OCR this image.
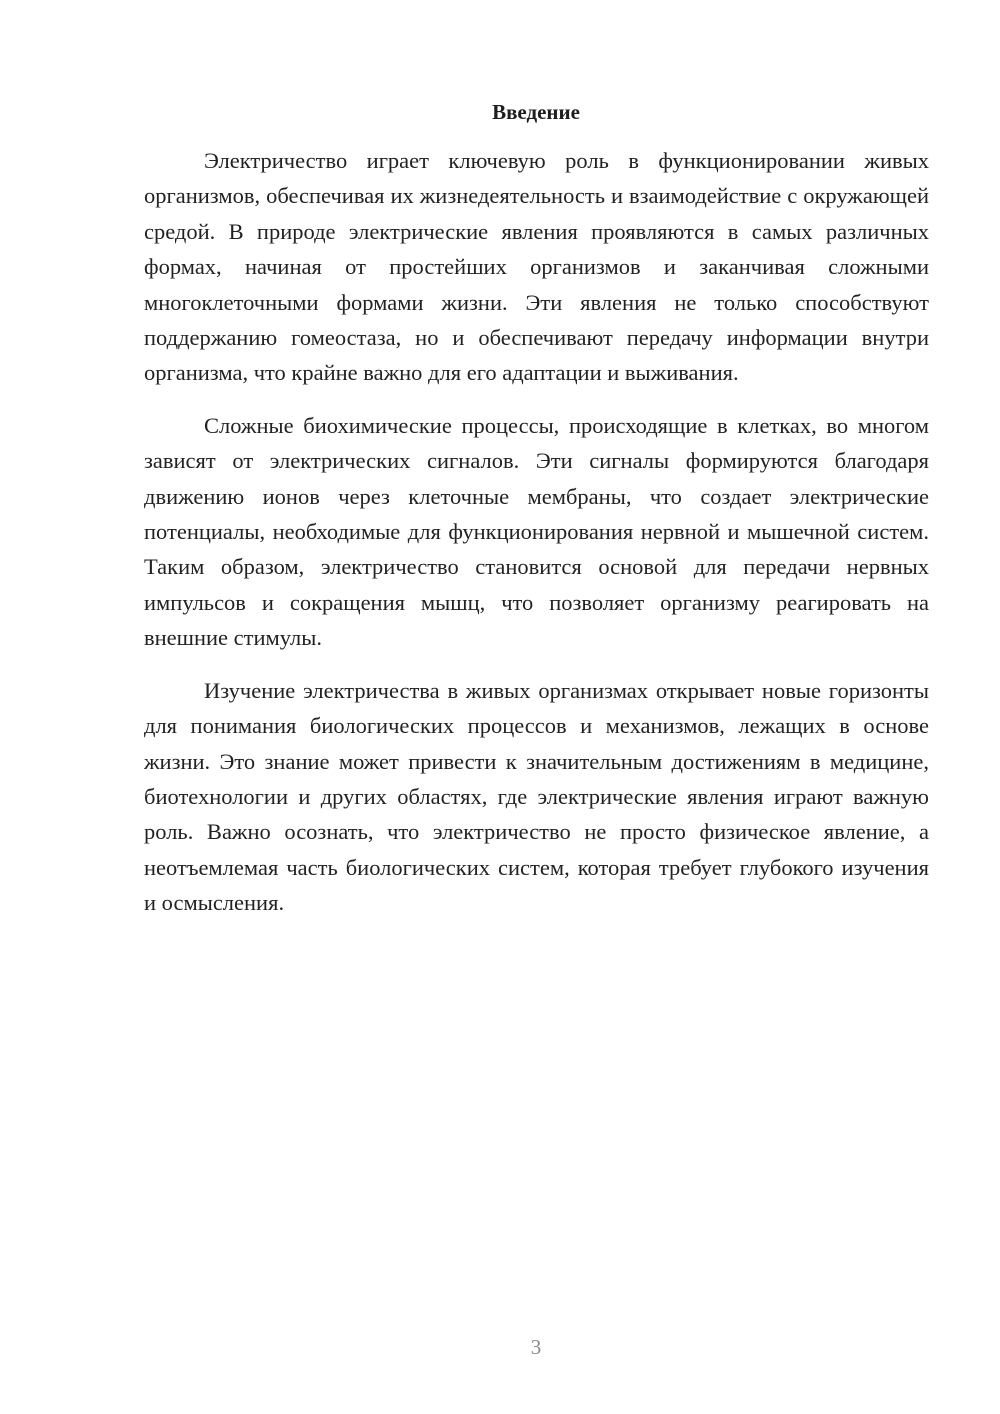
Введение

Электричество играет ключевую роль в функционировании живых организмов, обеспечивая их жизнедеятельность и взаимодействие с окружающей средой. В природе электрические явления проявляются в самых различных формах, начиная от простейших организмов и заканчивая сложными многоклеточными формами жизни. Эти явления не только способствуют поддержанию гомеостаза, но и обеспечивают передачу информации внутри организма, что крайне важно для его адаптации и выживания.

Сложные биохимические процессы, происходящие в клетках, во многом зависят от электрических сигналов. Эти сигналы формируются благодаря движению ионов через клеточные мембраны, что создает электрические потенциалы, необходимые для функционирования нервной и мышечной систем. Таким образом, электричество становится основой для передачи нервных импульсов и сокращения мышц, что позволяет организму реагировать на внешние стимулы.

Изучение электричества в живых организмах открывает новые горизонты для понимания биологических процессов и механизмов, лежащих в основе жизни. Это знание может привести к значительным достижениям в медицине, биотехнологии и других областях, где электрические явления играют важную роль. Важно осознать, что электричество не просто физическое явление, а неотъемлемая часть биологических систем, которая требует глубокого изучения и осмысления.

3
